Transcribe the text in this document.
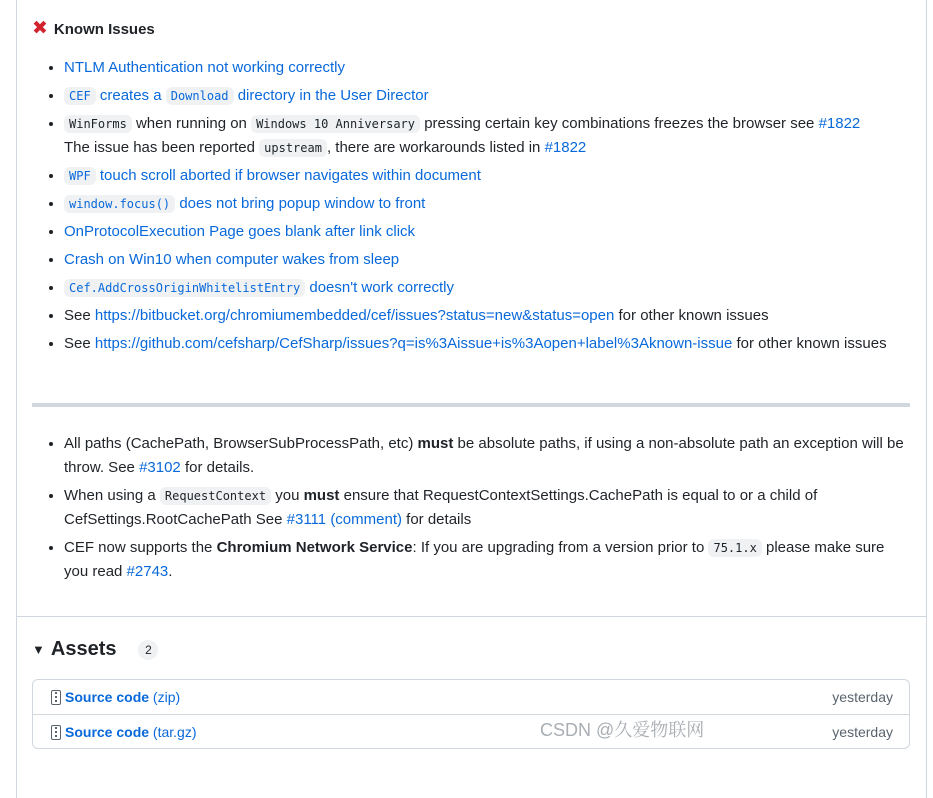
✖ Known Issues
• NTLM Authentication not working correctly
• CEF creates a Download directory in the User Director
• WinForms when running on Windows 10 Anniversary pressing certain key combinations freezes the browser see #1822
The issue has been reported upstream , there are workarounds listed in #1822
• WPF touch scroll aborted if browser navigates within document
• window.focus() does not bring popup window to front
• OnProtocolExecution Page goes blank after link click
• Crash on Win10 when computer wakes from sleep
• Cef.AddCrossOriginWhitelistEntry doesn't work correctly
• See https://bitbucket.org/chromiumembedded/cef/issues?status=new&status=open for other known issues
• See https://github.com/cefsharp/CefSharp/issues?q=is%3Aissue+is%3Aopen+label%3Aknown-issue for other known issues
• All paths (CachePath, BrowserSubProcessPath, etc) must be absolute paths, if using a non-absolute path an exception will be throw. See #3102 for details.
• When using a RequestContext you must ensure that RequestContextSettings.CachePath is equal to or a child of CefSettings.RootCachePath See #3111 (comment) for details
• CEF now supports the Chromium Network Service: If you are upgrading from a version prior to 75.1.x please make sure you read #2743.
▼ Assets	2
Source code (zip)	yesterday
Source code (tar.gz)	yesterday
CSDN @久爱物联网
